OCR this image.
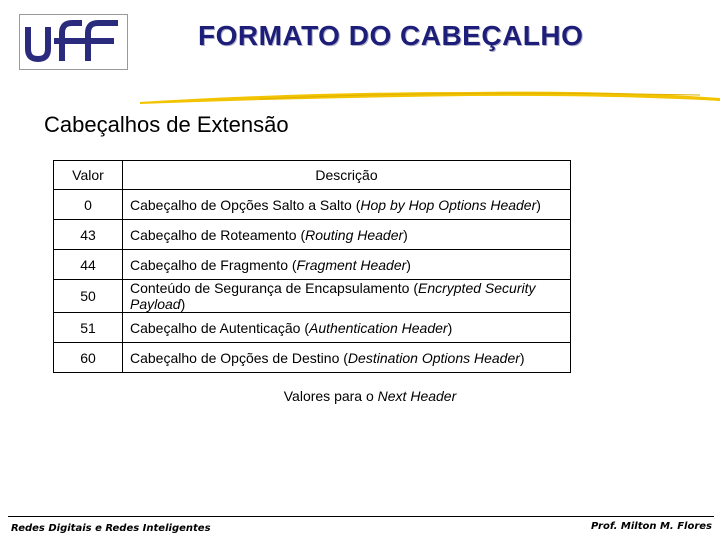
FORMATO DO CABEÇALHO
Cabeçalhos de Extensão
Valor	Descrição
0	Cabeçalho de Opções Salto a Salto (Hop by Hop Options Header)
43	Cabeçalho de Roteamento (Routing Header)
44	Cabeçalho de Fragmento (Fragment Header)
50	Conteúdo de Segurança de Encapsulamento (Encrypted Security Payload)
51	Cabeçalho de Autenticação (Authentication Header)
60	Cabeçalho de Opções de Destino (Destination Options Header)
Valores para o Next Header
Redes Digitais e Redes Inteligentes	Prof. Milton M. Flores
